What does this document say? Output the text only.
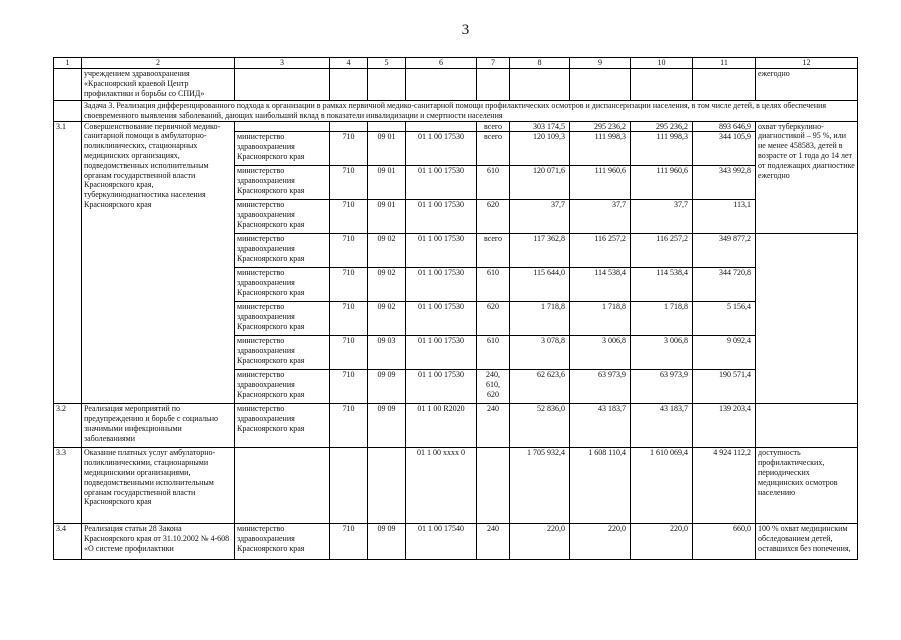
3
1	2	3	4	5	6	7	8	9	10	11	12
	учреждением здравоохранения «Красноярский краевой Центр профилактики и борьбы со СПИД»										ежегодно
	Задача 3. Реализация дифференцированного подхода к организации в рамках первичной медико-санитарной помощи профилактических осмотров и диспансеризации населения, в том числе детей, в целях обеспечения своевременного выявления заболеваний, дающих наибольший вклад в показатели инвалидизации и смертности населения										
3.1	Совершенствование первичной медико-санитарной помощи в амбулаторно-поликлинических, стационарных медицинских организациях, подведомственных исполнительным органам государственной власти Красноярского края, туберкулинодиагностика населения Красноярского края					всего	303 174,5	295 236,2	295 236,2	893 646,9	охват туберкулино-диагностикой – 95 %, или не менее 458583, детей в возрасте от 1 года до 14 лет от подлежащих диагностике ежегодно
		министерство здравоохранения Красноярского края	710	09 01	01 1 00 17530	всего	120 109,3	111 998,3	111 998,3	344 105,9	
		министерство здравоохранения Красноярского края	710	09 01	01 1 00 17530	610	120 071,6	111 960,6	111 960,6	343 992,8	
		министерство здравоохранения Красноярского края	710	09 01	01 1 00 17530	620	37,7	37,7	37,7	113,1	
		министерство здравоохранения Красноярского края	710	09 02	01 1 00 17530	всего	117 362,8	116 257,2	116 257,2	349 877,2	
		министерство здравоохранения Красноярского края	710	09 02	01 1 00 17530	610	115 644,0	114 538,4	114 538,4	344 720,8	
		министерство здравоохранения Красноярского края	710	09 02	01 1 00 17530	620	1 718,8	1 718,8	1 718,8	5 156,4	
		министерство здравоохранения Красноярского края	710	09 03	01 1 00 17530	610	3 078,8	3 006,8	3 006,8	9 092,4	
		министерство здравоохранения Красноярского края	710	09 09	01 1 00 17530	240,
610,
620	62 623,6	63 973,9	63 973,9	190 571,4	
3.2	Реализация мероприятий по предупреждению и борьбе с социально значимыми инфекционными заболеваниями	министерство здравоохранения Красноярского края	710	09 09	01 1 00 R2020	240	52 836,0	43 183,7	43 183,7	139 203,4	
3.3	Оказание платных услуг амбулаторно-поликлиническими, стационарными медицинскими организациями, подведомственными исполнительным органам государственной власти Красноярского края				01 1 00 xxxx 0		1 705 932,4	1 608 110,4	1 610 069,4	4 924 112,2	доступность профилактических, периодических медицинских осмотров населению
3.4	Реализация статьи 28 Закона Красноярского края от 31.10.2002 № 4-608 «О системе профилактики	министерство здравоохранения Красноярского края	710	09 09	01 1 00 17540	240	220,0	220,0	220,0	660,0	100 % охват медицинским обследованием детей, оставшихся без попечения,
